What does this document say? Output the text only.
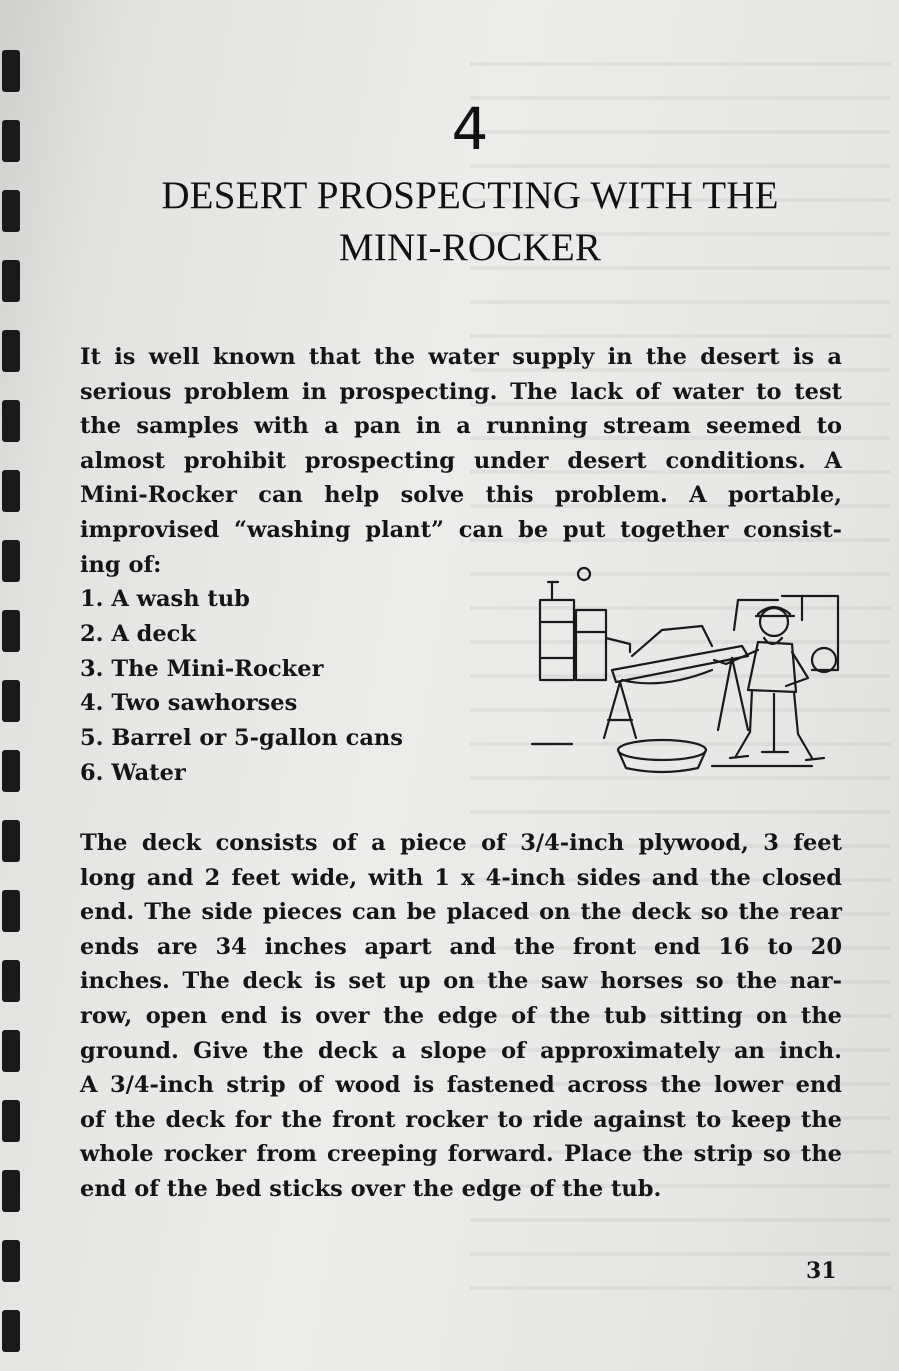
4
DESERT PROSPECTING WITH THE
MINI-ROCKER
It is well known that the water supply in the desert is a
serious problem in prospecting. The lack of water to test
the samples with a pan in a running stream seemed to
almost prohibit prospecting under desert conditions. A
Mini-Rocker can help solve this problem. A portable,
improvised “washing plant” can be put together consist-
ing of:
1. A wash tub
2. A deck
3. The Mini-Rocker
4. Two sawhorses
5. Barrel or 5-gallon cans
6. Water
The deck consists of a piece of 3/4-inch plywood, 3 feet
long and 2 feet wide, with 1 x 4-inch sides and the closed
end. The side pieces can be placed on the deck so the rear
ends are 34 inches apart and the front end 16 to 20
inches. The deck is set up on the saw horses so the nar-
row, open end is over the edge of the tub sitting on the
ground. Give the deck a slope of approximately an inch.
A 3/4-inch strip of wood is fastened across the lower end
of the deck for the front rocker to ride against to keep the
whole rocker from creeping forward. Place the strip so the
end of the bed sticks over the edge of the tub.
31
